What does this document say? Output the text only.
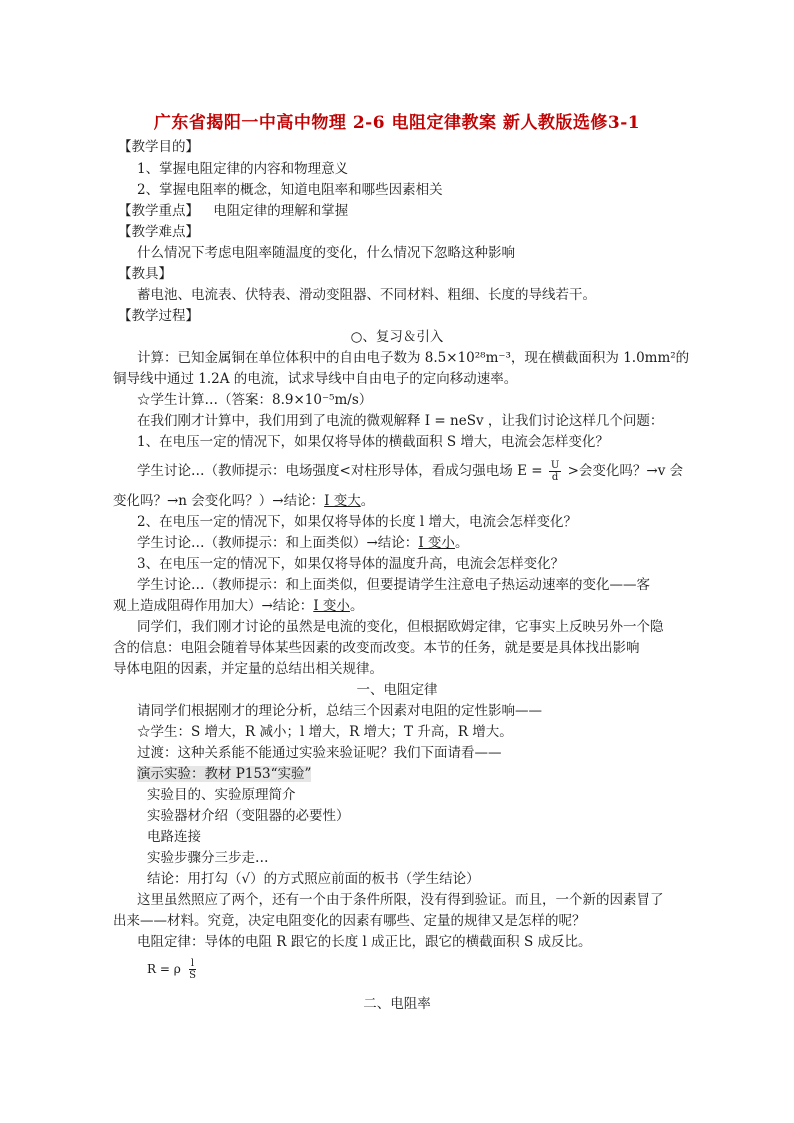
广东省揭阳一中高中物理 2-6 电阻定律教案 新人教版选修3-1
【教学目的】
1、掌握电阻定律的内容和物理意义
2、掌握电阻率的概念，知道电阻率和哪些因素相关
【教学重点】 电阻定律的理解和掌握
【教学难点】
什么情况下考虑电阻率随温度的变化，什么情况下忽略这种影响
【教具】
蓄电池、电流表、伏特表、滑动变阻器、不同材料、粗细、长度的导线若干。
【教学过程】
○、复习＆引入
计算：已知金属铜在单位体积中的自由电子数为 8.5×10²⁸m⁻³，现在横截面积为 1.0mm²的
铜导线中通过 1.2A 的电流，试求导线中自由电子的定向移动速率。
☆学生计算…（答案：8.9×10⁻⁵m/s）
在我们刚才计算中，我们用到了电流的微观解释 I = neSv ，让我们讨论这样几个问题：
1、在电压一定的情况下，如果仅将导体的横截面积 S 增大，电流会怎样变化？
学生讨论…（教师提示：电场强度<对柱形导体，看成匀强电场 $E = \frac{U}{d}$ >会变化吗？→v 会
变化吗？→n 会变化吗？）→结论：I 变大。
2、在电压一定的情况下，如果仅将导体的长度 l 增大，电流会怎样变化？
学生讨论…（教师提示：和上面类似）→结论：I 变小。
3、在电压一定的情况下，如果仅将导体的温度升高，电流会怎样变化？
学生讨论…（教师提示：和上面类似，但要提请学生注意电子热运动速率的变化——客
观上造成阻碍作用加大）→结论：I 变小。
同学们，我们刚才讨论的虽然是电流的变化，但根据欧姆定律，它事实上反映另外一个隐
含的信息：电阻会随着导体某些因素的改变而改变。本节的任务，就是要是具体找出影响
导体电阻的因素，并定量的总结出相关规律。
一、电阻定律
请同学们根据刚才的理论分析，总结三个因素对电阻的定性影响——
☆学生：S 增大，R 减小；l 增大，R 增大；T 升高，R 增大。
过渡：这种关系能不能通过实验来验证呢？我们下面请看——
演示实验：教材 P153“实验”
实验目的、实验原理简介
实验器材介绍（变阻器的必要性）
电路连接
实验步骤分三步走…
结论：用打勾（√）的方式照应前面的板书（学生结论）
这里虽然照应了两个，还有一个由于条件所限，没有得到验证。而且，一个新的因素冒了
出来——材料。究竟，决定电阻变化的因素有哪些、定量的规律又是怎样的呢？
电阻定律：导体的电阻 R 跟它的长度 l 成正比，跟它的横截面积 S 成反比。
R = ρ $\frac{l}{S}$
二、电阻率
